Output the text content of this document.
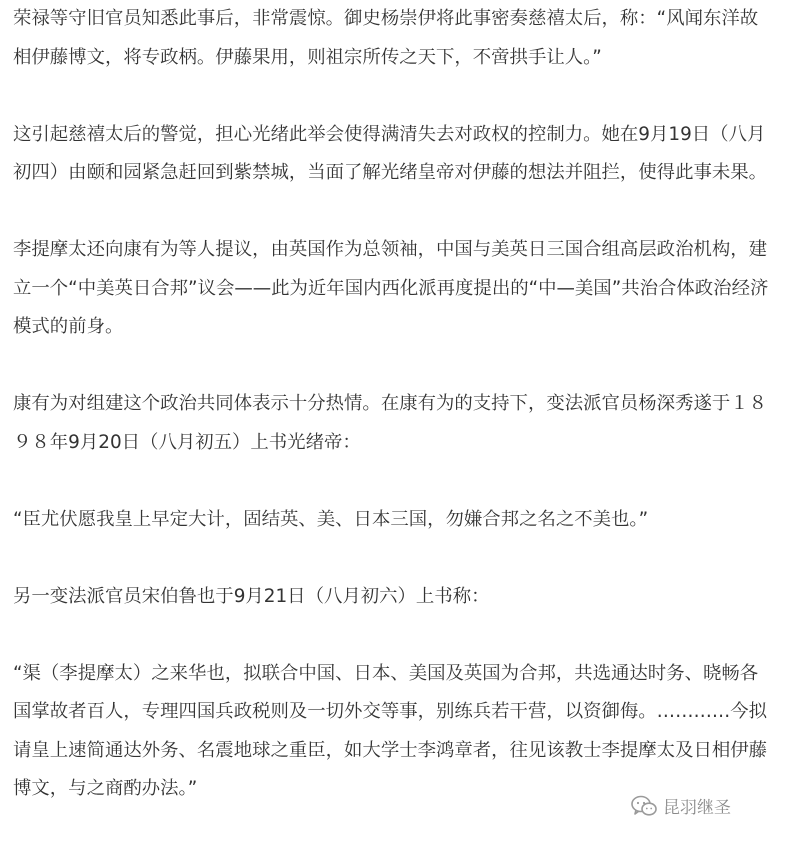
荣禄等守旧官员知悉此事后，非常震惊。御史杨崇伊将此事密奏慈禧太后，称：“风闻东洋故相伊藤博文，将专政柄。伊藤果用，则祖宗所传之天下，不啻拱手让人。”

这引起慈禧太后的警觉，担心光绪此举会使得满清失去对政权的控制力。她在9月19日（八月初四）由颐和园紧急赶回到紫禁城，当面了解光绪皇帝对伊藤的想法并阻拦，使得此事未果。

李提摩太还向康有为等人提议，由英国作为总领袖，中国与美英日三国合组高层政治机构，建立一个“中美英日合邦”议会——此为近年国内西化派再度提出的“中—美国”共治合体政治经济模式的前身。

康有为对组建这个政治共同体表示十分热情。在康有为的支持下，变法派官员杨深秀遂于１８９８年9月20日（八月初五）上书光绪帝：

“臣尤伏愿我皇上早定大计，固结英、美、日本三国，勿嫌合邦之名之不美也。”

另一变法派官员宋伯鲁也于9月21日（八月初六）上书称：

“渠（李提摩太）之来华也，拟联合中国、日本、美国及英国为合邦，共选通达时务、晓畅各国掌故者百人，专理四国兵政税则及一切外交等事，别练兵若干营，以资御侮。…………今拟请皇上速简通达外务、名震地球之重臣，如大学士李鸿章者，往见该教士李提摩太及日相伊藤博文，与之商酌办法。”

昆羽继圣
